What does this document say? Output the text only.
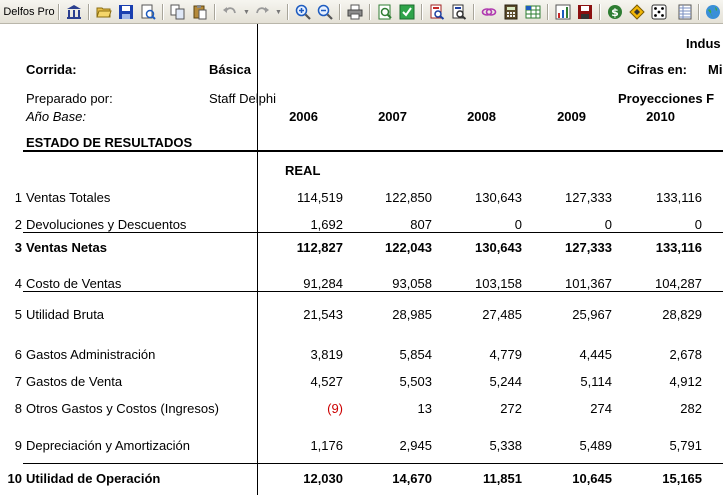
Delfos Pro	▼	▼	$
Indus
Corrida:	Básica	Cifras en: Mi
Preparado por:	Staff Delphi	Proyecciones F
Año Base:	2006	2007	2008	2009	2010
ESTADO DE RESULTADOS
REAL
1 Ventas Totales	114,519	122,850	130,643	127,333	133,116
2 Devoluciones y Descuentos	1,692	807	0	0	0
3 Ventas Netas	112,827	122,043	130,643	127,333	133,116
4 Costo de Ventas	91,284	93,058	103,158	101,367	104,287
5 Utilidad Bruta	21,543	28,985	27,485	25,967	28,829
6 Gastos Administración	3,819	5,854	4,779	4,445	2,678
7 Gastos de Venta	4,527	5,503	5,244	5,114	4,912
8 Otros Gastos y Costos (Ingresos)	(9)	13	272	274	282
9 Depreciación y Amortización	1,176	2,945	5,338	5,489	5,791
10 Utilidad de Operación	12,030	14,670	11,851	10,645	15,165
